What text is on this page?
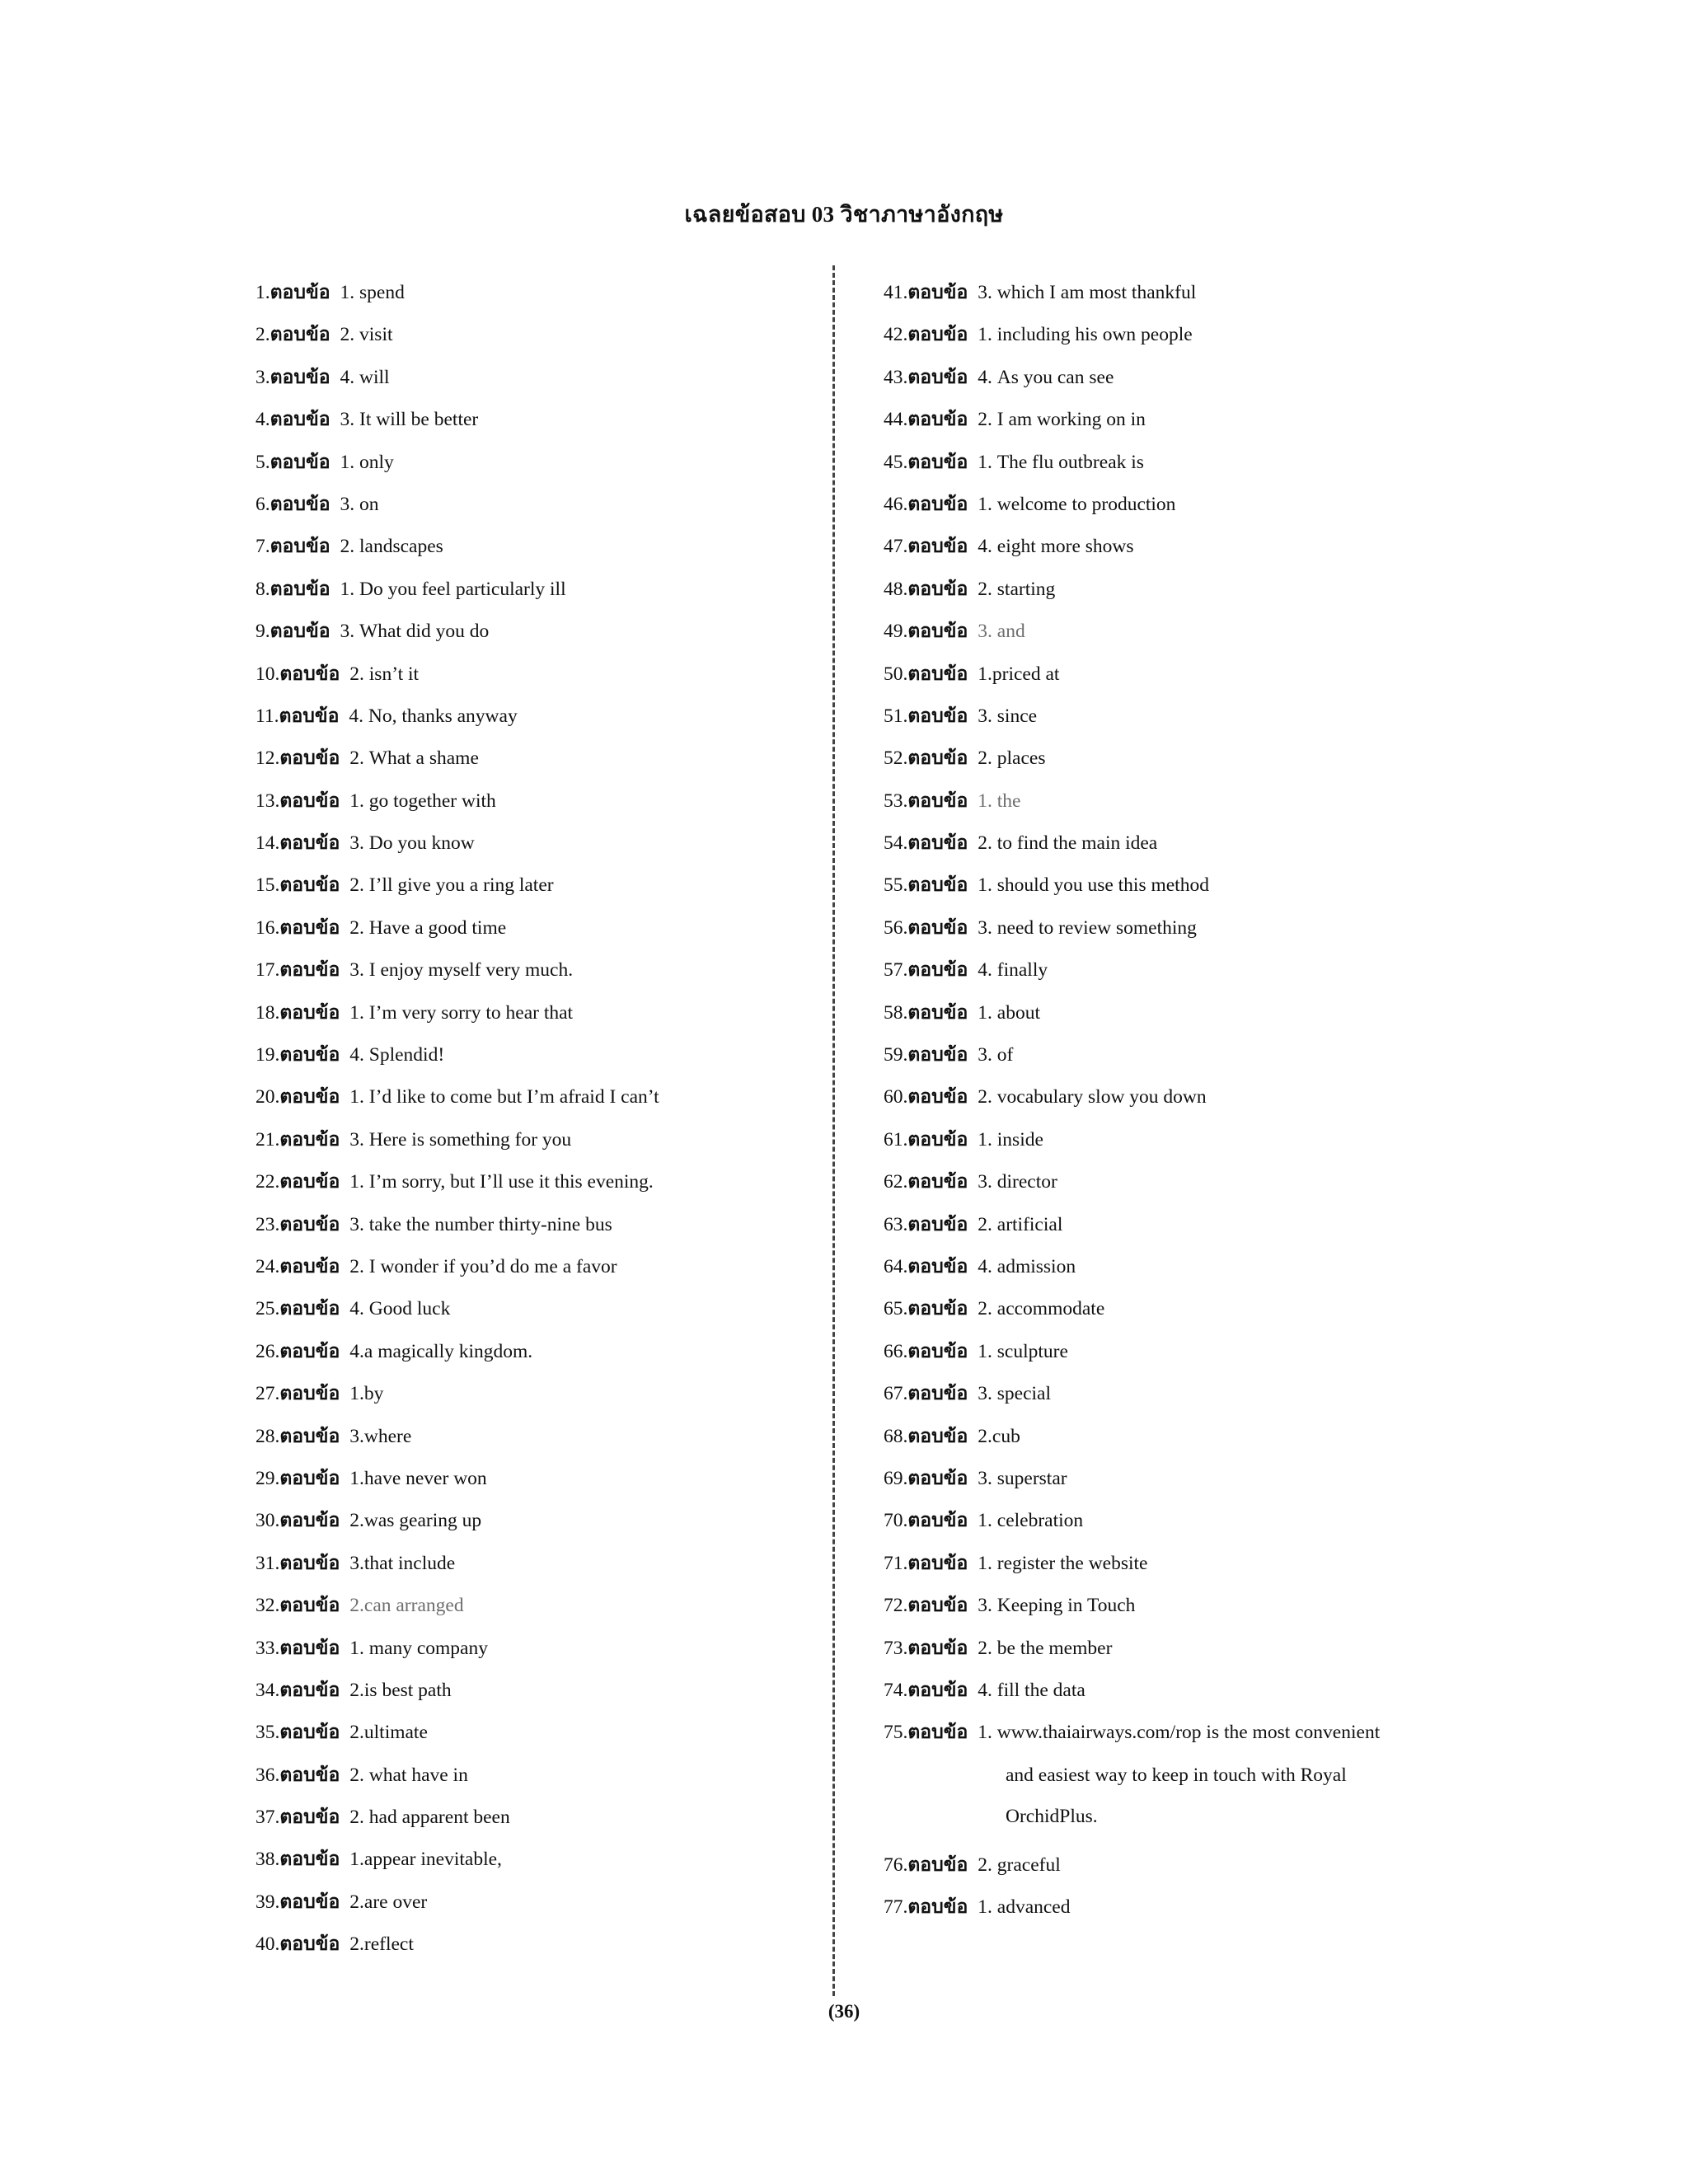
เฉลยข้อสอบ 03 วิชาภาษาอังกฤษ
1.ตอบข้อ 1. spend
2.ตอบข้อ 2. visit
3.ตอบข้อ 4. will
4.ตอบข้อ 3. It will be better
5.ตอบข้อ 1. only
6.ตอบข้อ 3. on
7.ตอบข้อ 2. landscapes
8.ตอบข้อ 1. Do you feel particularly ill
9.ตอบข้อ 3. What did you do
10.ตอบข้อ 2. isn’t it
11.ตอบข้อ 4. No, thanks anyway
12.ตอบข้อ 2. What a shame
13.ตอบข้อ 1. go together with
14.ตอบข้อ 3. Do you know
15.ตอบข้อ 2. I’ll give you a ring later
16.ตอบข้อ 2. Have a good time
17.ตอบข้อ 3. I enjoy myself very much.
18.ตอบข้อ 1. I’m very sorry to hear that
19.ตอบข้อ 4. Splendid!
20.ตอบข้อ 1. I’d like to come but I’m afraid I can’t
21.ตอบข้อ 3. Here is something for you
22.ตอบข้อ 1. I’m sorry, but I’ll use it this evening.
23.ตอบข้อ 3. take the number thirty-nine bus
24.ตอบข้อ 2. I wonder if you’d do me a favor
25.ตอบข้อ 4. Good luck
26.ตอบข้อ 4.a magically kingdom.
27.ตอบข้อ 1.by
28.ตอบข้อ 3.where
29.ตอบข้อ 1.have never won
30.ตอบข้อ 2.was gearing up
31.ตอบข้อ 3.that include
32.ตอบข้อ 2.can arranged
33.ตอบข้อ 1. many company
34.ตอบข้อ 2.is best path
35.ตอบข้อ 2.ultimate
36.ตอบข้อ 2. what have in
37.ตอบข้อ 2. had apparent been
38.ตอบข้อ 1.appear inevitable,
39.ตอบข้อ 2.are over
40.ตอบข้อ 2.reflect
41.ตอบข้อ 3. which I am most thankful
42.ตอบข้อ 1. including his own people
43.ตอบข้อ 4. As you can see
44.ตอบข้อ 2. I am working on in
45.ตอบข้อ 1. The flu outbreak is
46.ตอบข้อ 1. welcome to production
47.ตอบข้อ 4. eight more shows
48.ตอบข้อ 2. starting
49.ตอบข้อ 3. and
50.ตอบข้อ 1.priced at
51.ตอบข้อ 3. since
52.ตอบข้อ 2. places
53.ตอบข้อ 1. the
54.ตอบข้อ 2. to find the main idea
55.ตอบข้อ 1. should you use this method
56.ตอบข้อ 3. need to review something
57.ตอบข้อ 4. finally
58.ตอบข้อ 1. about
59.ตอบข้อ 3. of
60.ตอบข้อ 2. vocabulary slow you down
61.ตอบข้อ 1. inside
62.ตอบข้อ 3. director
63.ตอบข้อ 2. artificial
64.ตอบข้อ 4. admission
65.ตอบข้อ 2. accommodate
66.ตอบข้อ 1. sculpture
67.ตอบข้อ 3. special
68.ตอบข้อ 2.cub
69.ตอบข้อ 3. superstar
70.ตอบข้อ 1. celebration
71.ตอบข้อ 1. register the website
72.ตอบข้อ 3. Keeping in Touch
73.ตอบข้อ 2. be the member
74.ตอบข้อ 4. fill the data
75.ตอบข้อ 1. www.thaiairways.com/rop is the most convenient
and easiest way to keep in touch with Royal
OrchidPlus.
76.ตอบข้อ 2. graceful
77.ตอบข้อ 1. advanced
(36)
